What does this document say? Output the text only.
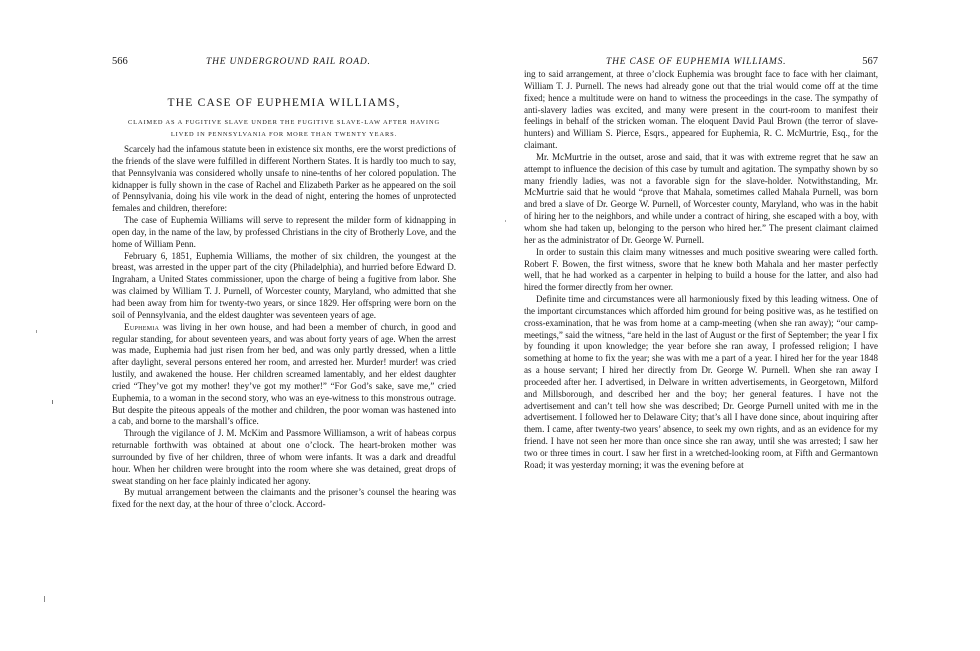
566	THE UNDERGROUND RAIL ROAD.
THE CASE OF EUPHEMIA WILLIAMS,

CLAIMED AS A FUGITIVE SLAVE UNDER THE FUGITIVE SLAVE-LAW AFTER HAVING LIVED IN PENNSYLVANIA FOR MORE THAN TWENTY YEARS.

Scarcely had the infamous statute been in existence six months, ere the worst predictions of the friends of the slave were fulfilled in different Northern States. It is hardly too much to say, that Pennsylvania was considered wholly unsafe to nine-tenths of her colored population. The kidnapper is fully shown in the case of Rachel and Elizabeth Parker as he appeared on the soil of Pennsylvania, doing his vile work in the dead of night, entering the homes of unprotected females and children, therefore:

The case of Euphemia Williams will serve to represent the milder form of kidnapping in open day, in the name of the law, by professed Christians in the city of Brotherly Love, and the home of William Penn.

February 6, 1851, Euphemia Williams, the mother of six children, the youngest at the breast, was arrested in the upper part of the city (Philadelphia), and hurried before Edward D. Ingraham, a United States commissioner, upon the charge of being a fugitive from labor. She was claimed by William T. J. Purnell, of Worcester county, Maryland, who admitted that she had been away from him for twenty-two years, or since 1829. Her offspring were born on the soil of Pennsylvania, and the eldest daughter was seventeen years of age.

Euphemia was living in her own house, and had been a member of church, in good and regular standing, for about seventeen years, and was about forty years of age. When the arrest was made, Euphemia had just risen from her bed, and was only partly dressed, when a little after daylight, several persons entered her room, and arrested her. Murder! murder! was cried lustily, and awakened the house. Her children screamed lamentably, and her eldest daughter cried “They’ve got my mother! they’ve got my mother!” “For God’s sake, save me,” cried Euphemia, to a woman in the second story, who was an eye-witness to this monstrous outrage. But despite the piteous appeals of the mother and children, the poor woman was hastened into a cab, and borne to the marshall’s office.

Through the vigilance of J. M. McKim and Passmore Williamson, a writ of habeas corpus returnable forthwith was obtained at about one o’clock. The heart-broken mother was surrounded by five of her children, three of whom were infants. It was a dark and dreadful hour. When her children were brought into the room where she was detained, great drops of sweat standing on her face plainly indicated her agony.

By mutual arrangement between the claimants and the prisoner’s counsel the hearing was fixed for the next day, at the hour of three o’clock. Accord-

THE CASE OF EUPHEMIA WILLIAMS.	567

ing to said arrangement, at three o’clock Euphemia was brought face to face with her claimant, William T. J. Purnell. The news had already gone out that the trial would come off at the time fixed; hence a multitude were on hand to witness the proceedings in the case. The sympathy of anti-slavery ladies was excited, and many were present in the court-room to manifest their feelings in behalf of the stricken woman. The eloquent David Paul Brown (the terror of slave-hunters) and William S. Pierce, Esqrs., appeared for Euphemia, R. C. McMurtrie, Esq., for the claimant.

Mr. McMurtrie in the outset, arose and said, that it was with extreme regret that he saw an attempt to influence the decision of this case by tumult and agitation. The sympathy shown by so many friendly ladies, was not a favorable sign for the slave-holder. Notwithstanding, Mr. McMurtrie said that he would “prove that Mahala, sometimes called Mahala Purnell, was born and bred a slave of Dr. George W. Purnell, of Worcester county, Maryland, who was in the habit of hiring her to the neighbors, and while under a contract of hiring, she escaped with a boy, with whom she had taken up, belonging to the person who hired her.” The present claimant claimed her as the administrator of Dr. George W. Purnell.

In order to sustain this claim many witnesses and much positive swearing were called forth. Robert F. Bowen, the first witness, swore that he knew both Mahala and her master perfectly well, that he had worked as a carpenter in helping to build a house for the latter, and also had hired the former directly from her owner.

Definite time and circumstances were all harmoniously fixed by this leading witness. One of the important circumstances which afforded him ground for being positive was, as he testified on cross-examination, that he was from home at a camp-meeting (when she ran away); “our camp-meetings,” said the witness, “are held in the last of August or the first of September; the year I fix by founding it upon knowledge; the year before she ran away, I professed religion; I have something at home to fix the year; she was with me a part of a year. I hired her for the year 1848 as a house servant; I hired her directly from Dr. George W. Purnell. When she ran away I proceeded after her. I advertised, in Delware in written advertisements, in Georgetown, Milford and Millsborough, and described her and the boy; her general features. I have not the advertisement and can’t tell how she was described; Dr. George Purnell united with me in the advertisement. I followed her to Delaware City; that’s all I have done since, about inquiring after them. I came, after twenty-two years’ absence, to seek my own rights, and as an evidence for my friend. I have not seen her more than once since she ran away, until she was arrested; I saw her two or three times in court. I saw her first in a wretched-looking room, at Fifth and Germantown Road; it was yesterday morning; it was the evening before at
